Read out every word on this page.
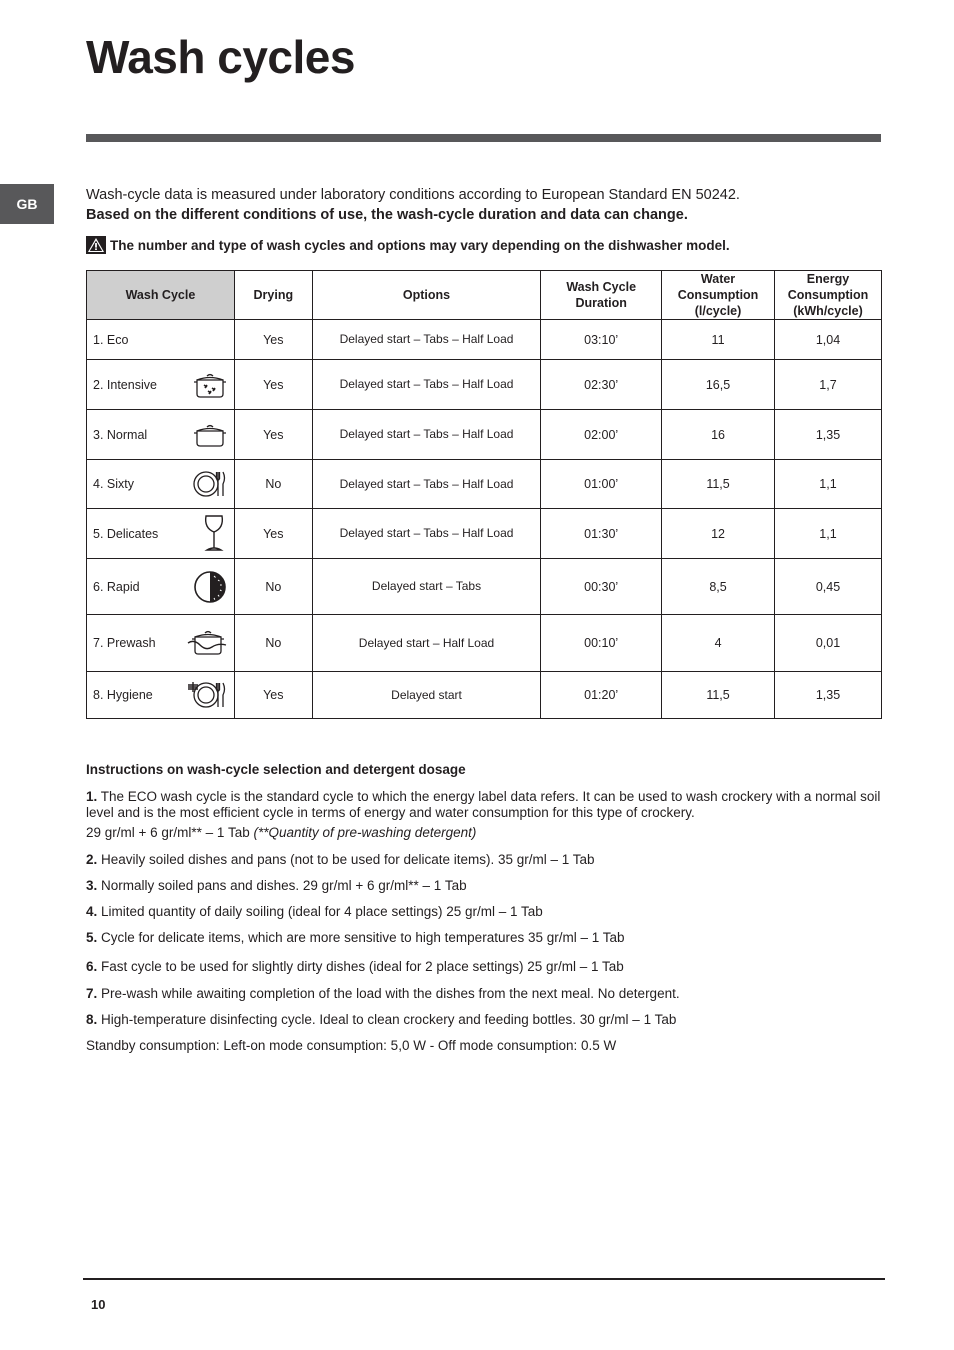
Wash cycles
GB
Wash-cycle data is measured under laboratory conditions according to European Standard EN 50242.
Based on the different conditions of use, the wash-cycle duration and data can change.
The number and type of wash cycles and options may vary depending on the dishwasher model.
Wash Cycle	Drying	Options	Wash Cycle Duration	Water Consumption (l/cycle)	Energy Consumption (kWh/cycle)

1. Eco	Yes	Delayed start – Tabs – Half Load	03:10’	11	1,04

2. Intensive	Yes	Delayed start – Tabs – Half Load	02:30’	16,5	1,7

3. Normal	Yes	Delayed start – Tabs – Half Load	02:00’	16	1,35

4. Sixty	No	Delayed start – Tabs – Half Load	01:00’	11,5	1,1

5. Delicates	Yes	Delayed start – Tabs – Half Load	01:30’	12	1,1

6. Rapid	No	Delayed start – Tabs	00:30’	8,5	0,45

7. Prewash	No	Delayed start – Half Load	00:10’	4	0,01

8. Hygiene	Yes	Delayed start	01:20’	11,5	1,35
Instructions on wash-cycle selection and detergent dosage

1. The ECO wash cycle is the standard cycle to which the energy label data refers. It can be used to wash crockery with a normal soil level and is the most efficient cycle in terms of energy and water consumption for this type of crockery.
29 gr/ml + 6 gr/ml** – 1 Tab (**Quantity of pre-washing detergent)

2. Heavily soiled dishes and pans (not to be used for delicate items). 35 gr/ml – 1 Tab

3. Normally soiled pans and dishes. 29 gr/ml + 6 gr/ml** – 1 Tab

4. Limited quantity of daily soiling (ideal for 4 place settings) 25 gr/ml – 1 Tab

5. Cycle for delicate items, which are more sensitive to high temperatures 35 gr/ml – 1 Tab

6. Fast cycle to be used for slightly dirty dishes (ideal for 2 place settings) 25 gr/ml – 1 Tab

7. Pre-wash while awaiting completion of the load with the dishes from the next meal. No detergent.

8. High-temperature disinfecting cycle. Ideal to clean crockery and feeding bottles. 30 gr/ml – 1 Tab

Standby consumption: Left-on mode consumption: 5,0 W - Off mode consumption: 0.5 W

10
